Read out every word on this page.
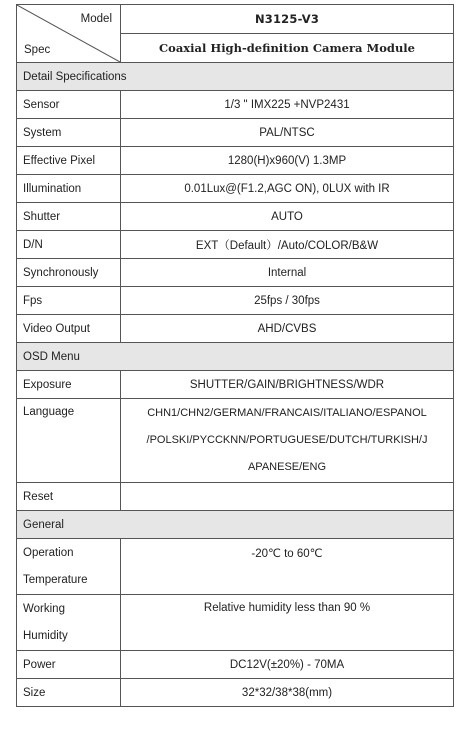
Model
Spec	N3125-V3
	Coaxial High-definition Camera Module
Detail Specifications	
Sensor	1/3 " IMX225 +NVP2431
System	PAL/NTSC
Effective Pixel	1280(H)x960(V) 1.3MP
Illumination	0.01Lux@(F1.2,AGC ON), 0LUX with IR
Shutter	AUTO
D/N	EXT（Default）/Auto/COLOR/B&W
Synchronously	Internal
Fps	25fps / 30fps
Video Output	AHD/CVBS
OSD Menu	
Exposure	SHUTTER/GAIN/BRIGHTNESS/WDR
Language	CHN1/CHN2/GERMAN/FRANCAIS/ITALIANO/ESPANOL
/POLSKI/PYCCKNN/PORTUGUESE/DUTCH/TURKISH/J
APANESE/ENG

Reset	
General	

Operation
Temperature	-20℃ to 60℃

Working
Humidity	Relative humidity less than 90 %
Power	DC12V(±20%) - 70MA
Size	32*32/38*38(mm)
